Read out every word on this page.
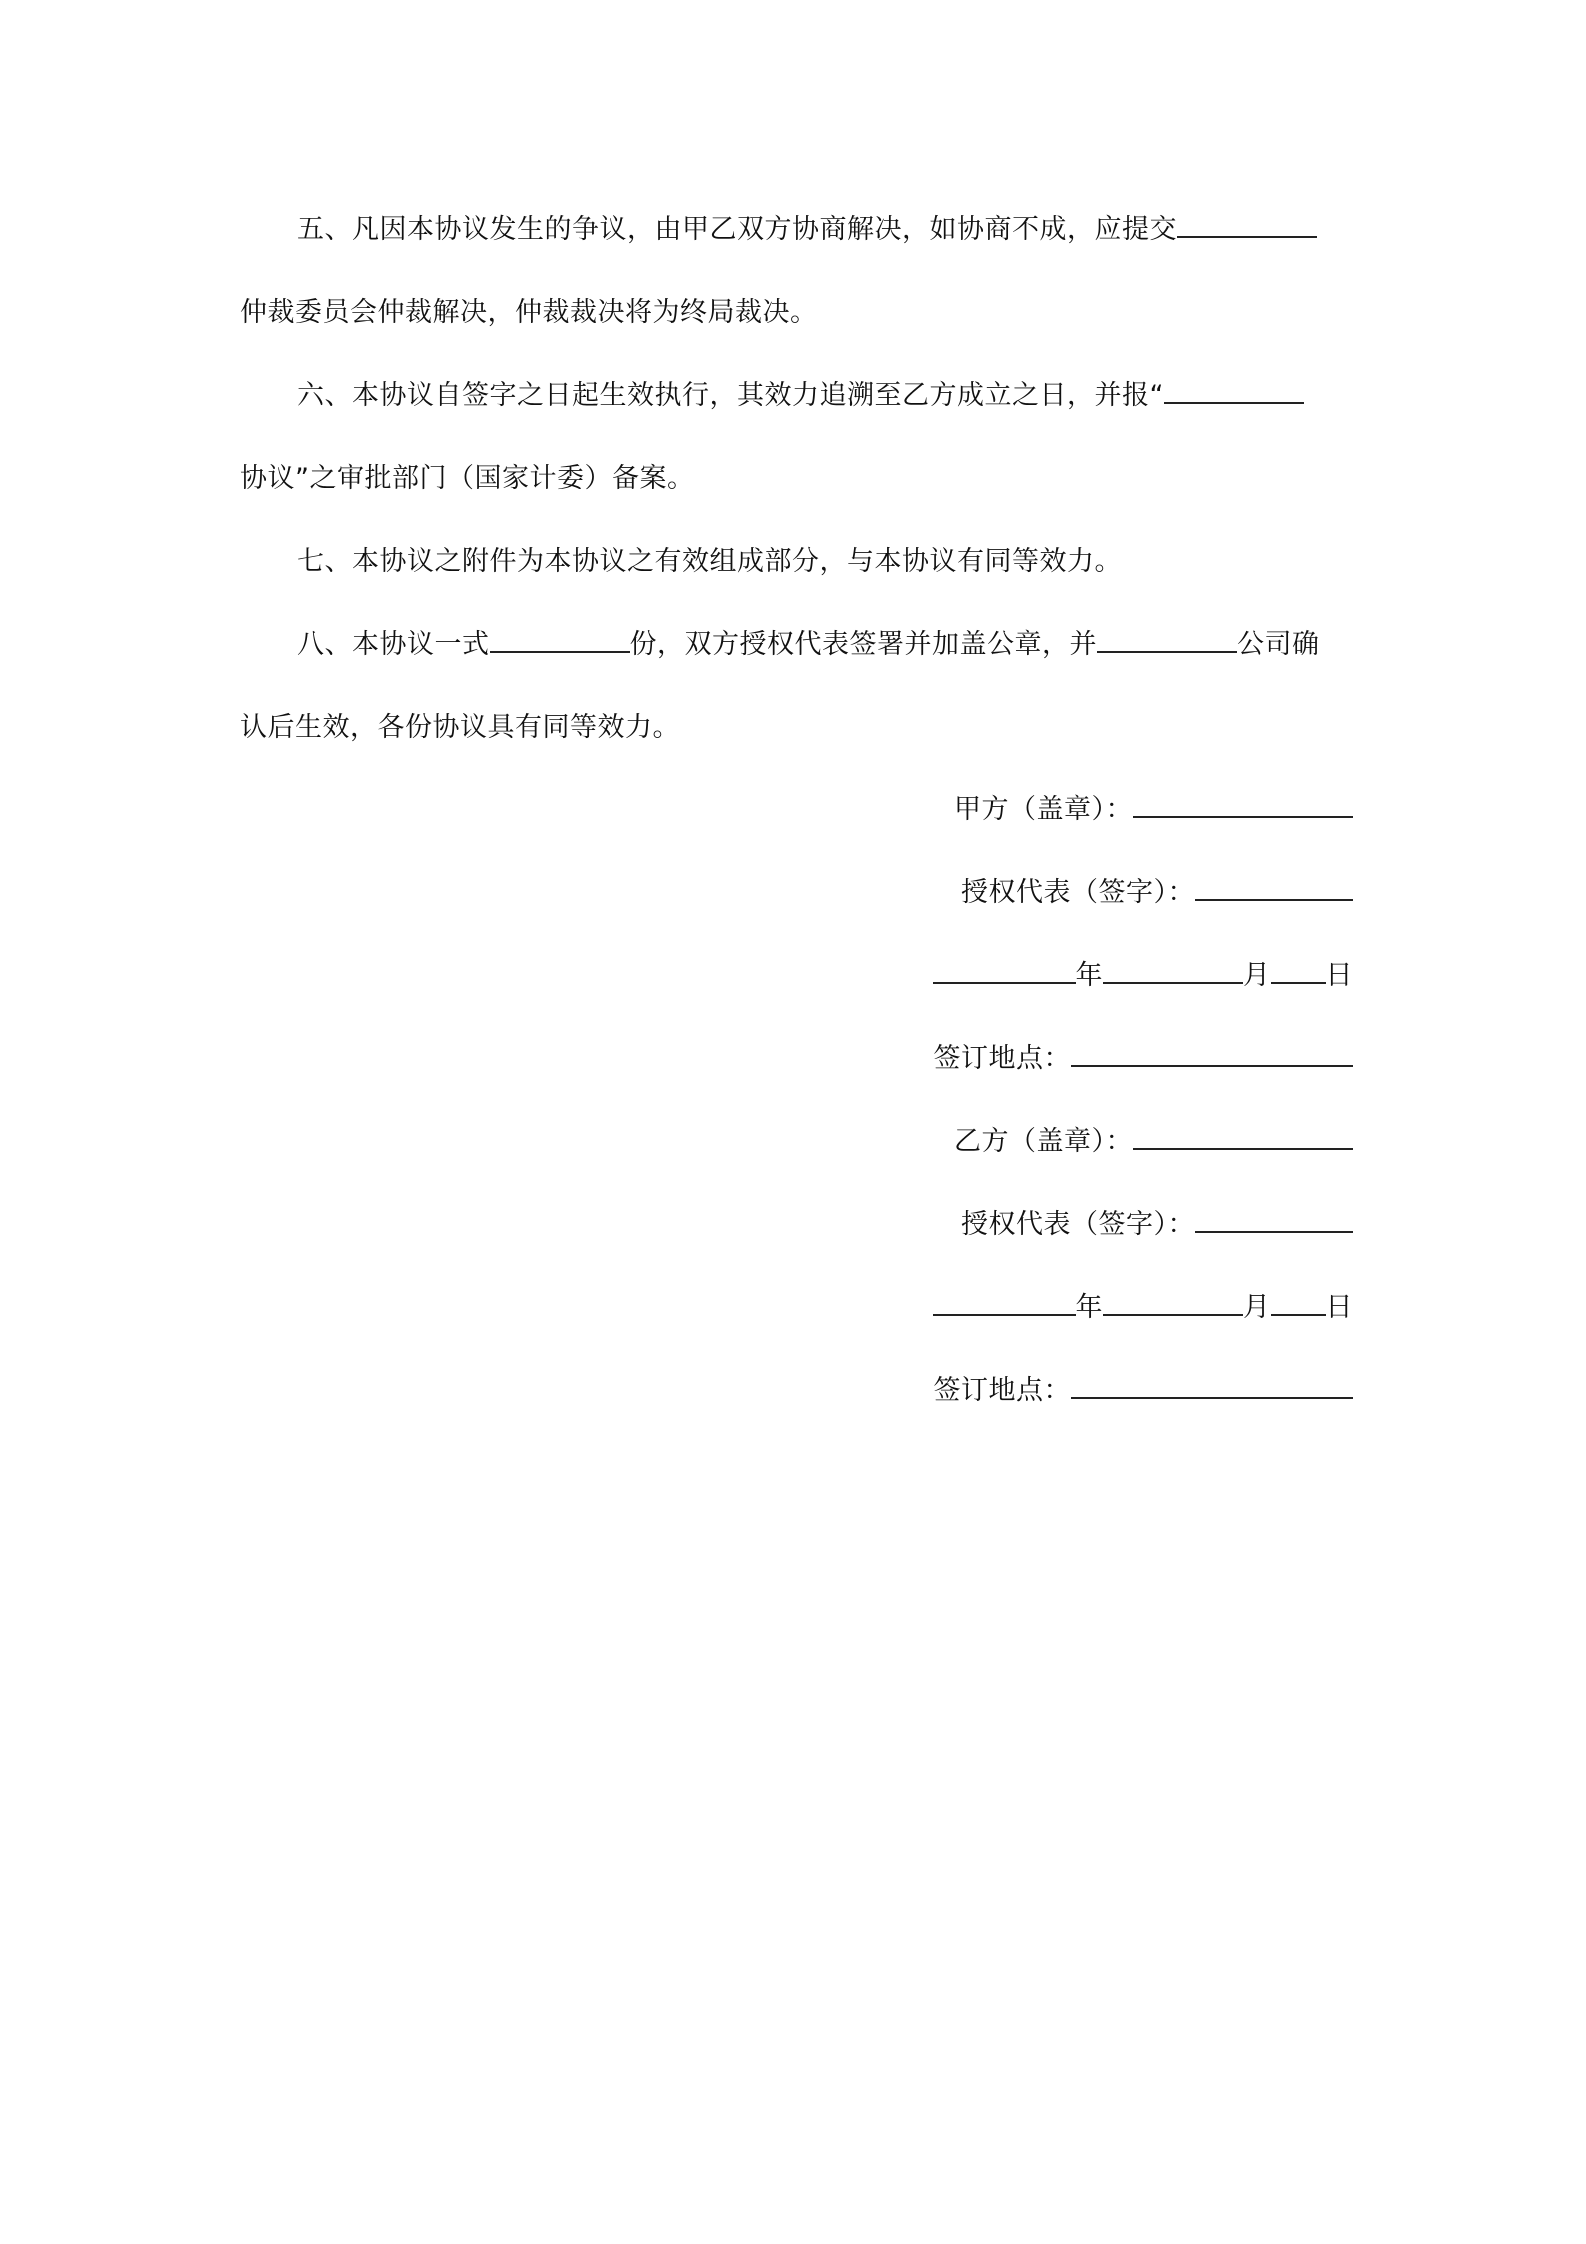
五、凡因本协议发生的争议，由甲乙双方协商解决，如协商不成，应提交
仲裁委员会仲裁解决，仲裁裁决将为终局裁决。
六、本协议自签字之日起生效执行，其效力追溯至乙方成立之日，并报“
协议”之审批部门（国家计委）备案。
七、本协议之附件为本协议之有效组成部分，与本协议有同等效力。
八、本协议一式	份，双方授权代表签署并加盖公章，并	公司确
认后生效，各份协议具有同等效力。
甲方（盖章）：
授权代表（签字）：
年	月 日
签订地点：
乙方（盖章）：
授权代表（签字）：
年	月 日
签订地点：
